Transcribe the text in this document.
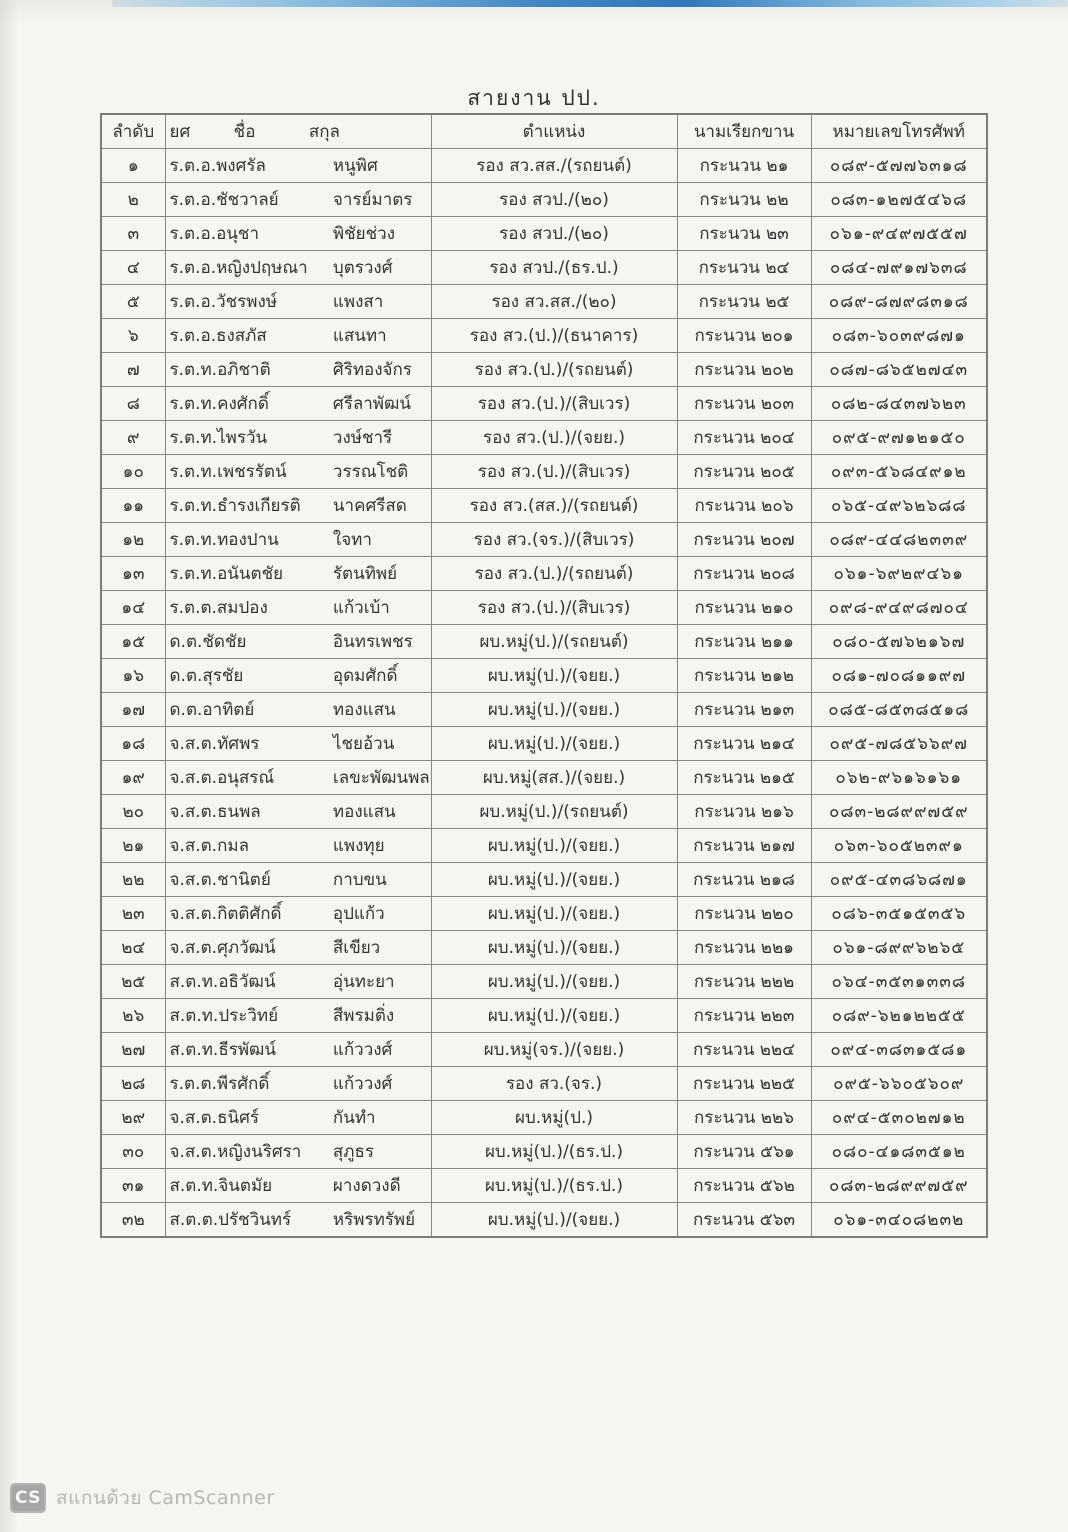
สายงาน ปป.
ลำดับ	ยศ ชื่อ สกุล	ตำแหน่ง	นามเรียกขาน	หมายเลขโทรศัพท์
๑	ร.ต.อ.พงศรัล หนูพิศ	รอง สว.สส./(รถยนต์)	กระนวน ๒๑	๐๘๙-๕๗๗๖๓๑๘
๒	ร.ต.อ.ชัชวาลย์ จารย์มาตร	รอง สวป./(๒๐)	กระนวน ๒๒	๐๘๓-๑๒๗๕๔๖๘
๓	ร.ต.อ.อนุชา พิชัยช่วง	รอง สวป./(๒๐)	กระนวน ๒๓	๐๖๑-๙๔๙๗๕๕๗
๔	ร.ต.อ.หญิงปฤษณา บุตรวงศ์	รอง สวป./(ธร.ป.)	กระนวน ๒๔	๐๘๔-๗๙๑๗๖๓๘
๕	ร.ต.อ.วัชรพงษ์ แพงสา	รอง สว.สส./(๒๐)	กระนวน ๒๕	๐๘๙-๘๗๙๘๓๑๘
๖	ร.ต.อ.ธงสภัส แสนทา	รอง สว.(ป.)/(ธนาคาร)	กระนวน ๒๐๑	๐๘๓-๖๐๓๙๘๗๑
๗	ร.ต.ท.อภิชาติ ศิริทองจักร	รอง สว.(ป.)/(รถยนต์)	กระนวน ๒๐๒	๐๘๗-๘๖๕๒๗๔๓
๘	ร.ต.ท.คงศักดิ์ ศรีลาพัฒน์	รอง สว.(ป.)/(สิบเวร)	กระนวน ๒๐๓	๐๘๒-๘๔๓๗๖๒๓
๙	ร.ต.ท.ไพรวัน วงษ์ชารี	รอง สว.(ป.)/(จยย.)	กระนวน ๒๐๔	๐๙๕-๙๗๑๒๑๕๐
๑๐	ร.ต.ท.เพชรรัตน์ วรรณโชติ	รอง สว.(ป.)/(สิบเวร)	กระนวน ๒๐๕	๐๙๓-๕๖๘๔๙๑๒
๑๑	ร.ต.ท.ธำรงเกียรติ นาคศรีสด	รอง สว.(สส.)/(รถยนต์)	กระนวน ๒๐๖	๐๖๕-๔๙๖๒๖๘๘
๑๒	ร.ต.ท.ทองปาน ใจทา	รอง สว.(จร.)/(สิบเวร)	กระนวน ๒๐๗	๐๘๙-๔๔๘๒๓๓๙
๑๓	ร.ต.ท.อนันตชัย รัตนทิพย์	รอง สว.(ป.)/(รถยนต์)	กระนวน ๒๐๘	๐๖๑-๖๙๒๙๔๖๑
๑๔	ร.ต.ต.สมปอง แก้วเบ้า	รอง สว.(ป.)/(สิบเวร)	กระนวน ๒๑๐	๐๙๘-๙๔๙๘๗๐๔
๑๕	ด.ต.ชัดชัย อินทรเพชร	ผบ.หมู่(ป.)/(รถยนต์)	กระนวน ๒๑๑	๐๘๐-๕๗๖๒๑๖๗
๑๖	ด.ต.สุรชัย อุดมศักดิ์	ผบ.หมู่(ป.)/(จยย.)	กระนวน ๒๑๒	๐๘๑-๗๐๘๑๑๙๗
๑๗	ด.ต.อาทิตย์ ทองแสน	ผบ.หมู่(ป.)/(จยย.)	กระนวน ๒๑๓	๐๘๕-๘๕๓๘๕๑๘
๑๘	จ.ส.ต.ทัศพร ไชยอ้วน	ผบ.หมู่(ป.)/(จยย.)	กระนวน ๒๑๔	๐๙๕-๗๘๕๖๖๙๗
๑๙	จ.ส.ต.อนุสรณ์ เลขะพัฒนพล	ผบ.หมู่(สส.)/(จยย.)	กระนวน ๒๑๕	๐๖๒-๙๖๑๖๑๖๑
๒๐	จ.ส.ต.ธนพล ทองแสน	ผบ.หมู่(ป.)/(รถยนต์)	กระนวน ๒๑๖	๐๘๓-๒๘๙๙๗๕๙
๒๑	จ.ส.ต.กมล แพงทุย	ผบ.หมู่(ป.)/(จยย.)	กระนวน ๒๑๗	๐๖๓-๖๐๕๒๓๙๑
๒๒	จ.ส.ต.ชานิตย์ กาบขน	ผบ.หมู่(ป.)/(จยย.)	กระนวน ๒๑๘	๐๙๕-๔๓๘๖๘๗๑
๒๓	จ.ส.ต.กิตติศักดิ์ อุปแก้ว	ผบ.หมู่(ป.)/(จยย.)	กระนวน ๒๒๐	๐๘๖-๓๕๑๕๓๕๖
๒๔	จ.ส.ต.ศุภวัฒน์ สีเขียว	ผบ.หมู่(ป.)/(จยย.)	กระนวน ๒๒๑	๐๖๑-๘๙๙๖๒๖๕
๒๕	ส.ต.ท.อธิวัฒน์ อุ่นทะยา	ผบ.หมู่(ป.)/(จยย.)	กระนวน ๒๒๒	๐๖๔-๓๕๓๑๓๓๘
๒๖	ส.ต.ท.ประวิทย์ สีพรมติ่ง	ผบ.หมู่(ป.)/(จยย.)	กระนวน ๒๒๓	๐๘๙-๖๒๑๒๒๕๕
๒๗	ส.ต.ท.ธีรพัฒน์ แก้ววงศ์	ผบ.หมู่(จร.)/(จยย.)	กระนวน ๒๒๔	๐๙๔-๓๘๓๑๕๘๑
๒๘	ร.ต.ต.พีรศักดิ์ แก้ววงศ์	รอง สว.(จร.)	กระนวน ๒๒๕	๐๙๕-๖๖๐๕๖๐๙
๒๙	จ.ส.ต.ธนิศร์ กันทำ	ผบ.หมู่(ป.)	กระนวน ๒๒๖	๐๙๔-๕๓๐๒๗๑๒
๓๐	จ.ส.ต.หญิงนริศรา สุภูธร	ผบ.หมู่(ป.)/(ธร.ป.)	กระนวน ๕๖๑	๐๘๐-๔๑๘๓๕๑๒
๓๑	ส.ต.ท.จินตมัย ผางดวงดี	ผบ.หมู่(ป.)/(ธร.ป.)	กระนวน ๕๖๒	๐๘๓-๒๘๙๙๗๕๙
๓๒	ส.ต.ต.ปรัชวินทร์ หริพรทรัพย์	ผบ.หมู่(ป.)/(จยย.)	กระนวน ๕๖๓	๐๖๑-๓๔๐๘๒๓๒
CS สแกนด้วย CamScanner
